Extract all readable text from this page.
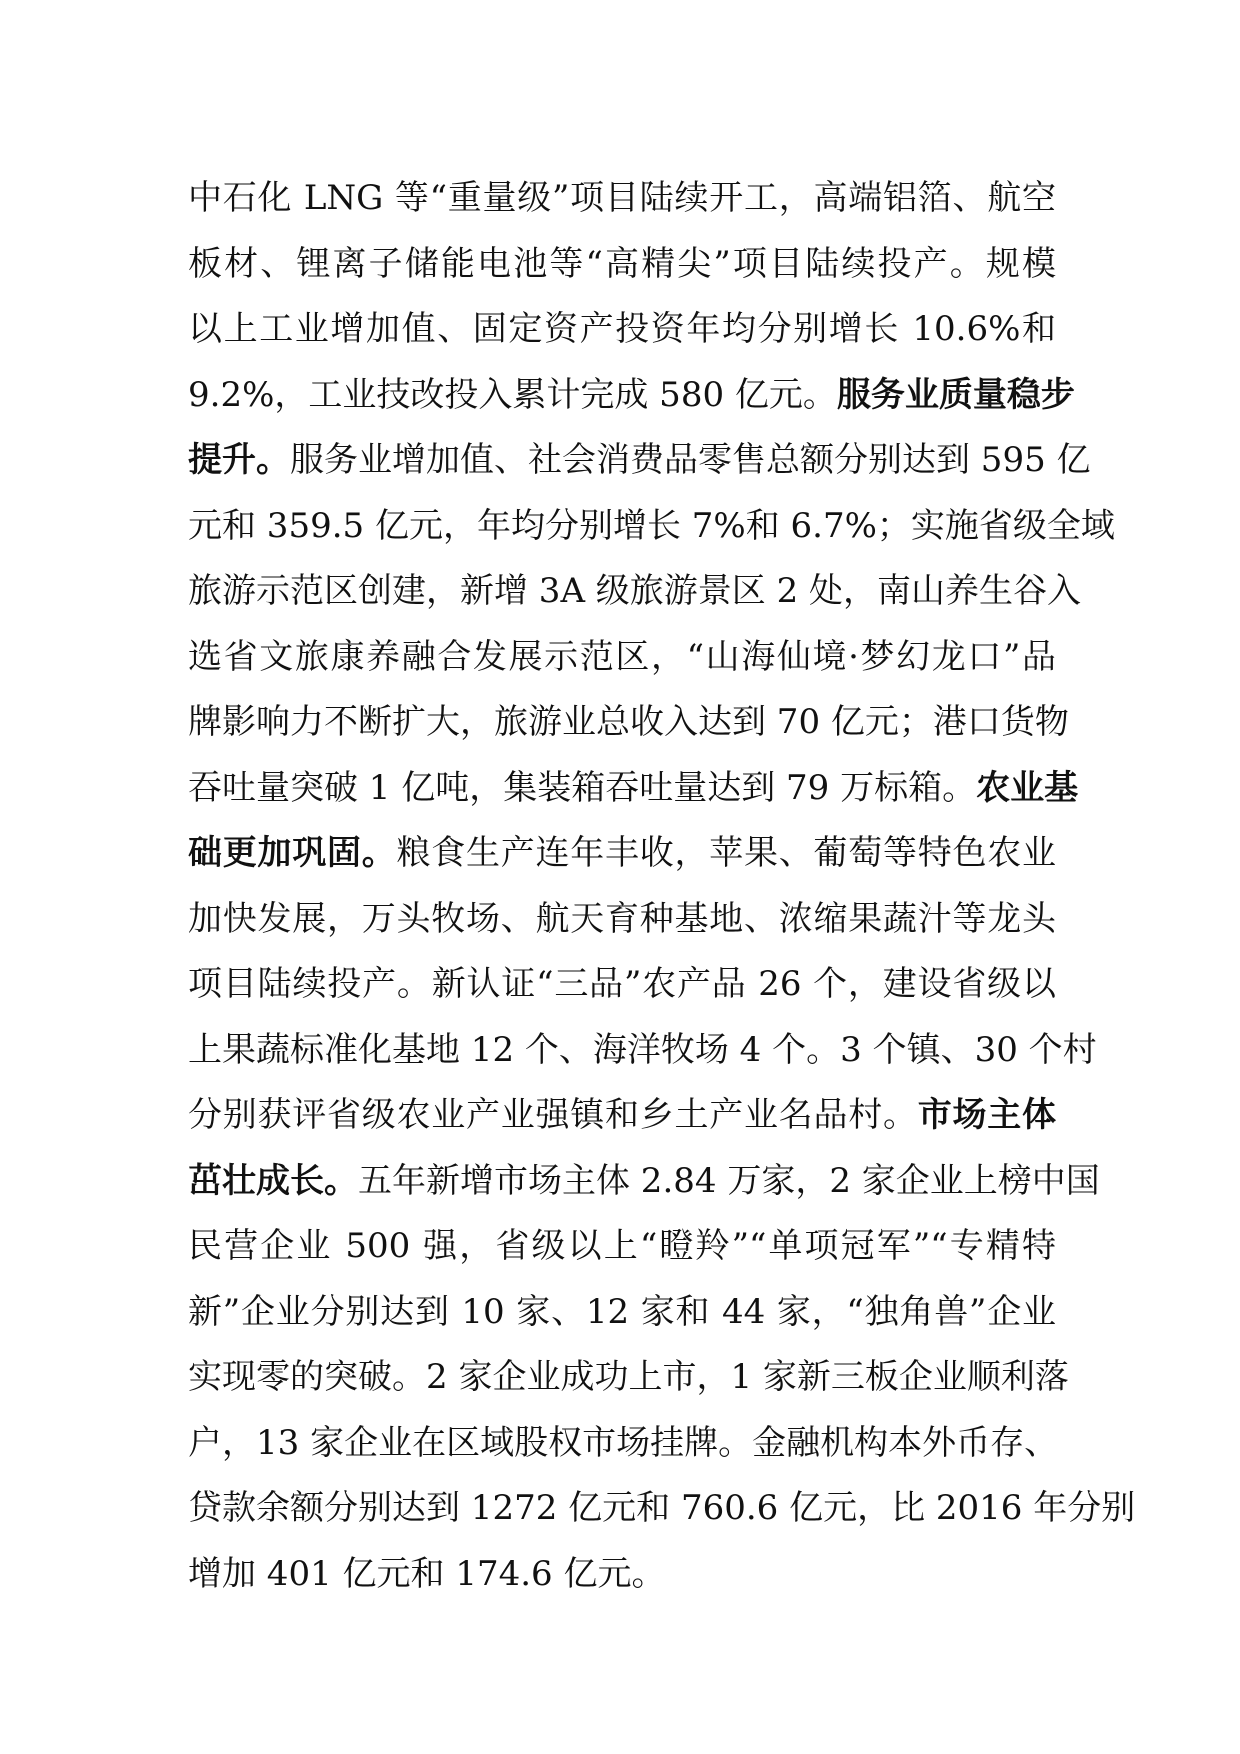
中石化 LNG 等“重量级”项目陆续开工，高端铝箔、航空
板材、锂离子储能电池等“高精尖”项目陆续投产。规模
以上工业增加值、固定资产投资年均分别增长 10.6%和
9.2%，工业技改投入累计完成 580 亿元。服务业质量稳步
提升。服务业增加值、社会消费品零售总额分别达到 595 亿
元和 359.5 亿元，年均分别增长 7%和 6.7%；实施省级全域
旅游示范区创建，新增 3A 级旅游景区 2 处，南山养生谷入
选省文旅康养融合发展示范区，“山海仙境·梦幻龙口”品
牌影响力不断扩大，旅游业总收入达到 70 亿元；港口货物
吞吐量突破 1 亿吨，集装箱吞吐量达到 79 万标箱。农业基
础更加巩固。粮食生产连年丰收，苹果、葡萄等特色农业
加快发展，万头牧场、航天育种基地、浓缩果蔬汁等龙头
项目陆续投产。新认证“三品”农产品 26 个，建设省级以
上果蔬标准化基地 12 个、海洋牧场 4 个。3 个镇、30 个村
分别获评省级农业产业强镇和乡土产业名品村。市场主体
茁壮成长。五年新增市场主体 2.84 万家，2 家企业上榜中国
民营企业 500 强，省级以上“瞪羚”“单项冠军”“专精特
新”企业分别达到 10 家、12 家和 44 家，“独角兽”企业
实现零的突破。2 家企业成功上市，1 家新三板企业顺利落
户，13 家企业在区域股权市场挂牌。金融机构本外币存、
贷款余额分别达到 1272 亿元和 760.6 亿元，比 2016 年分别
增加 401 亿元和 174.6 亿元。
